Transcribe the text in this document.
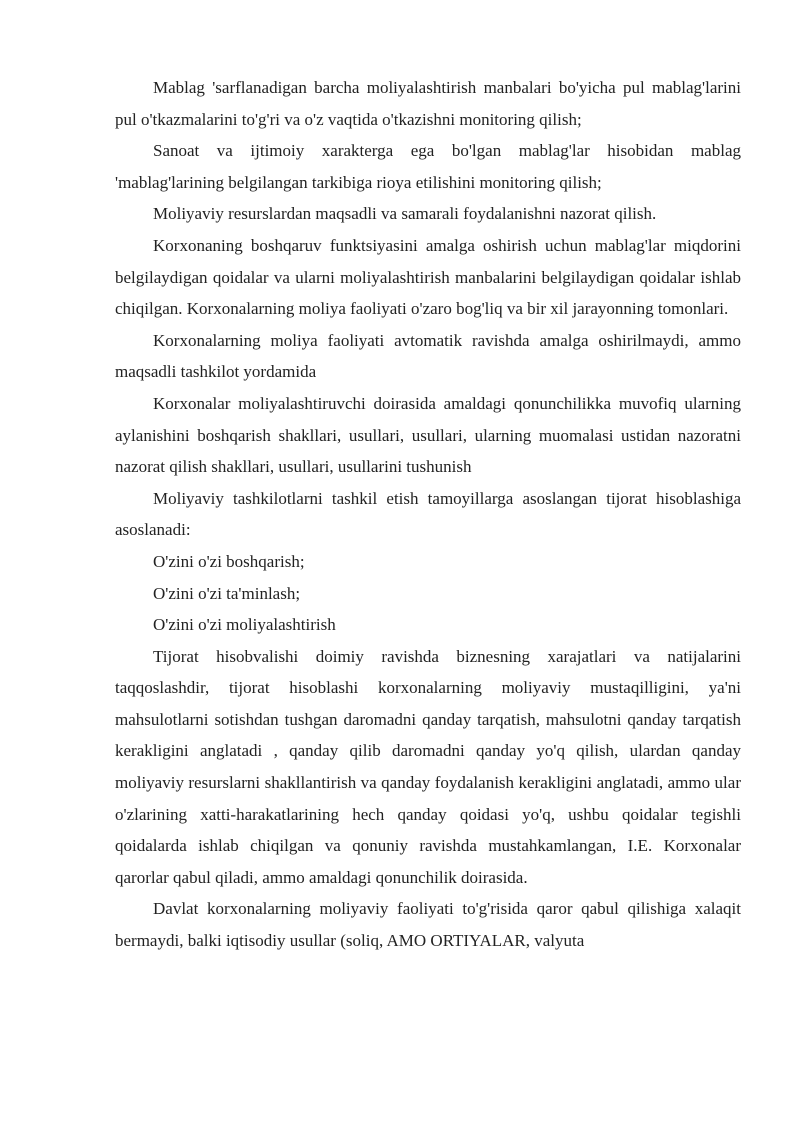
Mablag 'sarflanadigan barcha moliyalashtirish manbalari bo'yicha pul mablag'larini pul o'tkazmalarini to'g'ri va o'z vaqtida o'tkazishni monitoring qilish;

Sanoat va ijtimoiy xarakterga ega bo'lgan mablag'lar hisobidan mablag 'mablag'larining belgilangan tarkibiga rioya etilishini monitoring qilish;

Moliyaviy resurslardan maqsadli va samarali foydalanishni nazorat qilish.

Korxonaning boshqaruv funktsiyasini amalga oshirish uchun mablag'lar miqdorini belgilaydigan qoidalar va ularni moliyalashtirish manbalarini belgilaydigan qoidalar ishlab chiqilgan. Korxonalarning moliya faoliyati o'zaro bog'liq va bir xil jarayonning tomonlari.

Korxonalarning moliya faoliyati avtomatik ravishda amalga oshirilmaydi, ammo maqsadli tashkilot yordamida

Korxonalar moliyalashtiruvchi doirasida amaldagi qonunchilikka muvofiq ularning aylanishini boshqarish shakllari, usullari, usullari, ularning muomalasi ustidan nazoratni nazorat qilish shakllari, usullari, usullarini tushunish

Moliyaviy tashkilotlarni tashkil etish tamoyillarga asoslangan tijorat hisoblashiga asoslanadi:

O'zini o'zi boshqarish;

O'zini o'zi ta'minlash;

O'zini o'zi moliyalashtirish

Tijorat hisobvalishi doimiy ravishda biznesning xarajatlari va natijalarini taqqoslashdir, tijorat hisoblashi korxonalarning moliyaviy mustaqilligini, ya'ni mahsulotlarni sotishdan tushgan daromadni qanday tarqatish, mahsulotni qanday tarqatish kerakligini anglatadi , qanday qilib daromadni qanday yo'q qilish, ulardan qanday moliyaviy resurslarni shakllantirish va qanday foydalanish kerakligini anglatadi, ammo ular o'zlarining xatti-harakatlarining hech qanday qoidasi yo'q, ushbu qoidalar tegishli qoidalarda ishlab chiqilgan va qonuniy ravishda mustahkamlangan, I.E. Korxonalar qarorlar qabul qiladi, ammo amaldagi qonunchilik doirasida.

Davlat korxonalarning moliyaviy faoliyati to'g'risida qaror qabul qilishiga xalaqit bermaydi, balki iqtisodiy usullar (soliq, AMO ORTIYALAR, valyuta
